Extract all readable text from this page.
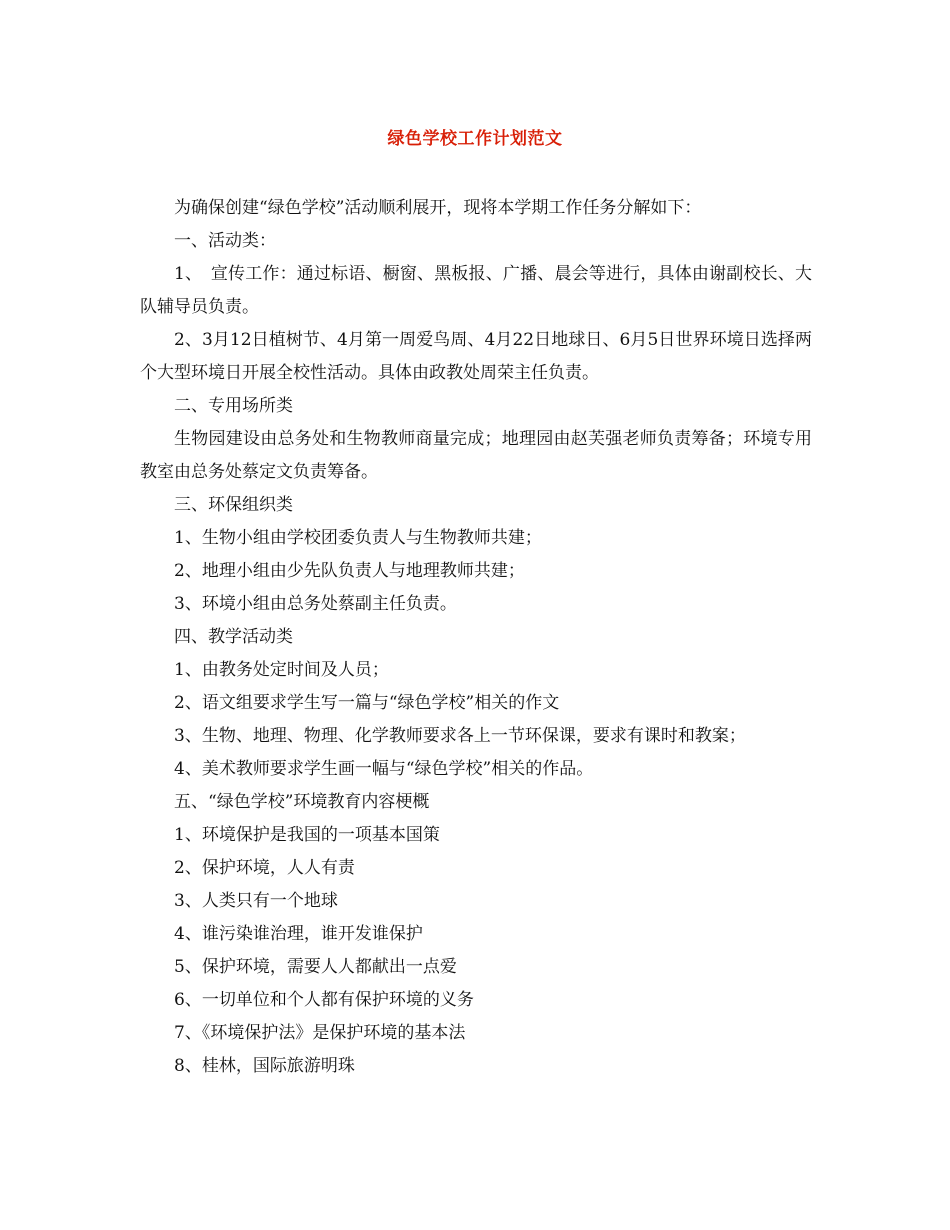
绿色学校工作计划范文

为确保创建“绿色学校”活动顺利展开，现将本学期工作任务分解如下：

一、活动类：

1、　宣传工作：通过标语、橱窗、黑板报、广播、晨会等进行，具体由谢副校长、大队辅导员负责。

2、3月12日植树节、4月第一周爱鸟周、4月22日地球日、6月5日世界环境日选择两个大型环境日开展全校性活动。具体由政教处周荣主任负责。

二、专用场所类

生物园建设由总务处和生物教师商量完成；地理园由赵芙强老师负责筹备；环境专用教室由总务处蔡定文负责筹备。

三、环保组织类

1、生物小组由学校团委负责人与生物教师共建；

2、地理小组由少先队负责人与地理教师共建；

3、环境小组由总务处蔡副主任负责。

四、教学活动类

1、由教务处定时间及人员；

2、语文组要求学生写一篇与“绿色学校”相关的作文

3、生物、地理、物理、化学教师要求各上一节环保课，要求有课时和教案；

4、美术教师要求学生画一幅与“绿色学校”相关的作品。

五、“绿色学校”环境教育内容梗概

1、环境保护是我国的一项基本国策

2、保护环境，人人有责

3、人类只有一个地球

4、谁污染谁治理，谁开发谁保护

5、保护环境，需要人人都献出一点爱

6、一切单位和个人都有保护环境的义务

7、《环境保护法》是保护环境的基本法

8、桂林，国际旅游明珠
